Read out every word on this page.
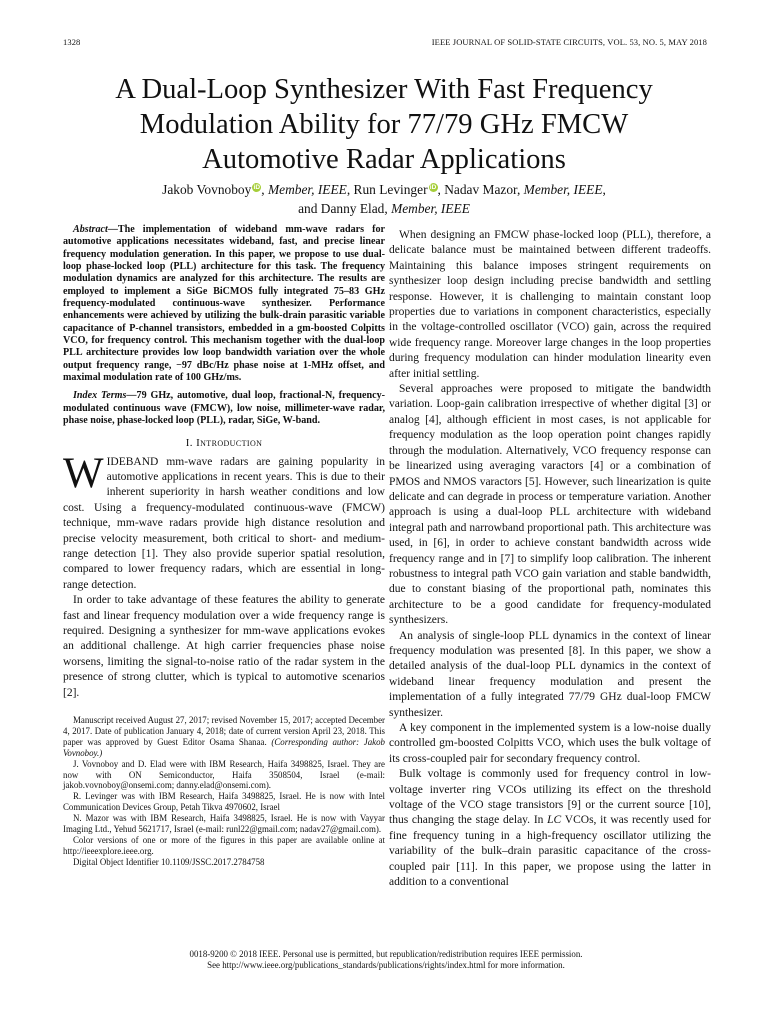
1328	IEEE JOURNAL OF SOLID-STATE CIRCUITS, VOL. 53, NO. 5, MAY 2018
A Dual-Loop Synthesizer With Fast Frequency
Modulation Ability for 77/79 GHz FMCW
Automotive Radar Applications
Jakob Vovnoboy iD, Member, IEEE, Run Levinger iD, Nadav Mazor, Member, IEEE,
and Danny Elad, Member, IEEE

Abstract—The implementation of wideband mm-wave radars for automotive applications necessitates wideband, fast, and precise linear frequency modulation generation. In this paper, we propose to use dual-loop phase-locked loop (PLL) architecture for this task. The frequency modulation dynamics are analyzed for this architecture. The results are employed to implement a SiGe BiCMOS fully integrated 75–83 GHz frequency-modulated continuous-wave synthesizer. Performance enhancements were achieved by utilizing the bulk-drain parasitic variable capacitance of P-channel transistors, embedded in a gm-boosted Colpitts VCO, for frequency control. This mechanism together with the dual-loop PLL architecture provides low loop bandwidth variation over the whole output frequency range, −97 dBc/Hz phase noise at 1-MHz offset, and maximal modulation rate of 100 GHz/ms.

Index Terms—79 GHz, automotive, dual loop, fractional-N, frequency-modulated continuous wave (FMCW), low noise, millimeter-wave radar, phase noise, phase-locked loop (PLL), radar, SiGe, W-band.

I. Introduction

WIDEBAND mm-wave radars are gaining popularity in automotive applications in recent years. This is due to their inherent superiority in harsh weather conditions and low cost. Using a frequency-modulated continuous-wave (FMCW) technique, mm-wave radars provide high distance resolution and precise velocity measurement, both critical to short- and medium-range detection [1]. They also provide superior spatial resolution, compared to lower frequency radars, which are essential in long-range detection.

In order to take advantage of these features the ability to generate fast and linear frequency modulation over a wide frequency range is required. Designing a synthesizer for mm-wave applications evokes an additional challenge. At high carrier frequencies phase noise worsens, limiting the signal-to-noise ratio of the radar system in the presence of strong clutter, which is typical to automotive scenarios [2].

Manuscript received August 27, 2017; revised November 15, 2017; accepted December 4, 2017. Date of publication January 4, 2018; date of current version April 23, 2018. This paper was approved by Guest Editor Osama Shanaa. (Corresponding author: Jakob Vovnoboy.)

J. Vovnoboy and D. Elad were with IBM Research, Haifa 3498825, Israel. They are now with ON Semiconductor, Haifa 3508504, Israel (e-mail: jakob.vovnoboy@onsemi.com; danny.elad@onsemi.com).

R. Levinger was with IBM Research, Haifa 3498825, Israel. He is now with Intel Communication Devices Group, Petah Tikva 4970602, Israel

N. Mazor was with IBM Research, Haifa 3498825, Israel. He is now with Vayyar Imaging Ltd., Yehud 5621717, Israel (e-mail: runl22@gmail.com; nadav27@gmail.com).

Color versions of one or more of the figures in this paper are available online at http://ieeexplore.ieee.org.

Digital Object Identifier 10.1109/JSSC.2017.2784758

When designing an FMCW phase-locked loop (PLL), therefore, a delicate balance must be maintained between different tradeoffs. Maintaining this balance imposes stringent requirements on synthesizer loop design including precise bandwidth and settling response. However, it is challenging to maintain constant loop properties due to variations in component characteristics, especially in the voltage-controlled oscillator (VCO) gain, across the required wide frequency range. Moreover large changes in the loop properties during frequency modulation can hinder modulation linearity even after initial settling.

Several approaches were proposed to mitigate the bandwidth variation. Loop-gain calibration irrespective of whether digital [3] or analog [4], although efficient in most cases, is not applicable for frequency modulation as the loop operation point changes rapidly through the modulation. Alternatively, VCO frequency response can be linearized using averaging varactors [4] or a combination of PMOS and NMOS varactors [5]. However, such linearization is quite delicate and can degrade in process or temperature variation. Another approach is using a dual-loop PLL architecture with wideband integral path and narrowband proportional path. This architecture was used, in [6], in order to achieve constant bandwidth across wide frequency range and in [7] to simplify loop calibration. The inherent robustness to integral path VCO gain variation and stable bandwidth, due to constant biasing of the proportional path, nominates this architecture to be a good candidate for frequency-modulated synthesizers.

An analysis of single-loop PLL dynamics in the context of linear frequency modulation was presented [8]. In this paper, we show a detailed analysis of the dual-loop PLL dynamics in the context of wideband linear frequency modulation and present the implementation of a fully integrated 77/79 GHz dual-loop FMCW synthesizer.

A key component in the implemented system is a low-noise dually controlled gm-boosted Colpitts VCO, which uses the bulk voltage of its cross-coupled pair for secondary frequency control.

Bulk voltage is commonly used for frequency control in low-voltage inverter ring VCOs utilizing its effect on the threshold voltage of the VCO stage transistors [9] or the current source [10], thus changing the stage delay. In LC VCOs, it was recently used for fine frequency tuning in a high-frequency oscillator utilizing the variability of the bulk–drain parasitic capacitance of the cross-coupled pair [11]. In this paper, we propose using the latter in addition to a conventional

0018-9200 © 2018 IEEE. Personal use is permitted, but republication/redistribution requires IEEE permission.
See http://www.ieee.org/publications_standards/publications/rights/index.html for more information.
